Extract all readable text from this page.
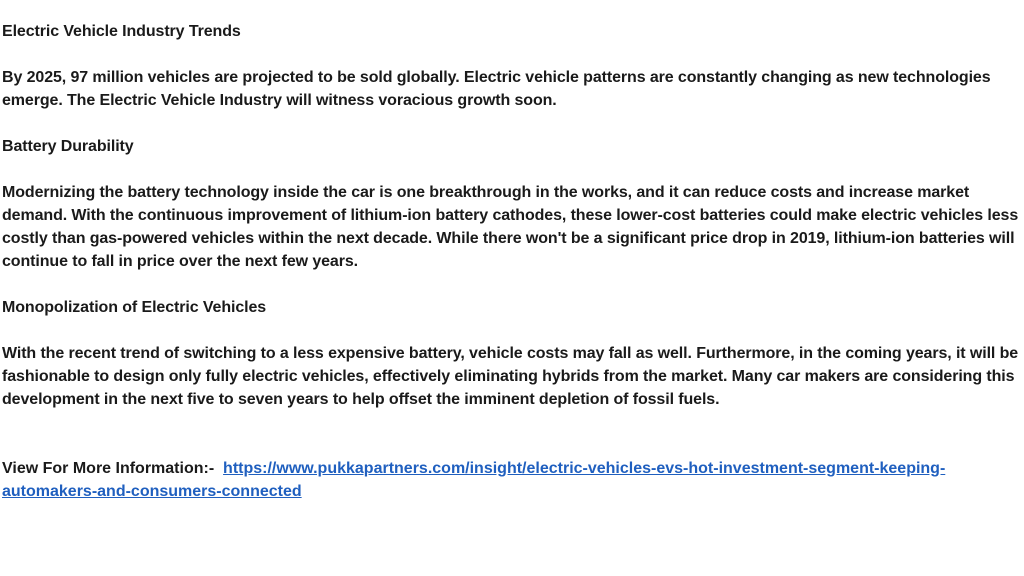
Electric Vehicle Industry Trends

By 2025, 97 million vehicles are projected to be sold globally. Electric vehicle patterns are constantly changing as new technologies emerge. The Electric Vehicle Industry will witness voracious growth soon.

Battery Durability

Modernizing the battery technology inside the car is one breakthrough in the works, and it can reduce costs and increase market demand. With the continuous improvement of lithium-ion battery cathodes, these lower-cost batteries could make electric vehicles less costly than gas-powered vehicles within the next decade. While there won't be a significant price drop in 2019, lithium-ion batteries will continue to fall in price over the next few years.

Monopolization of Electric Vehicles

With the recent trend of switching to a less expensive battery, vehicle costs may fall as well. Furthermore, in the coming years, it will be fashionable to design only fully electric vehicles, effectively eliminating hybrids from the market. Many car makers are considering this development in the next five to seven years to help offset the imminent depletion of fossil fuels.

View For More Information:- https://www.pukkapartners.com/insight/electric-vehicles-evs-hot-investment-segment-keeping-automakers-and-consumers-connected
